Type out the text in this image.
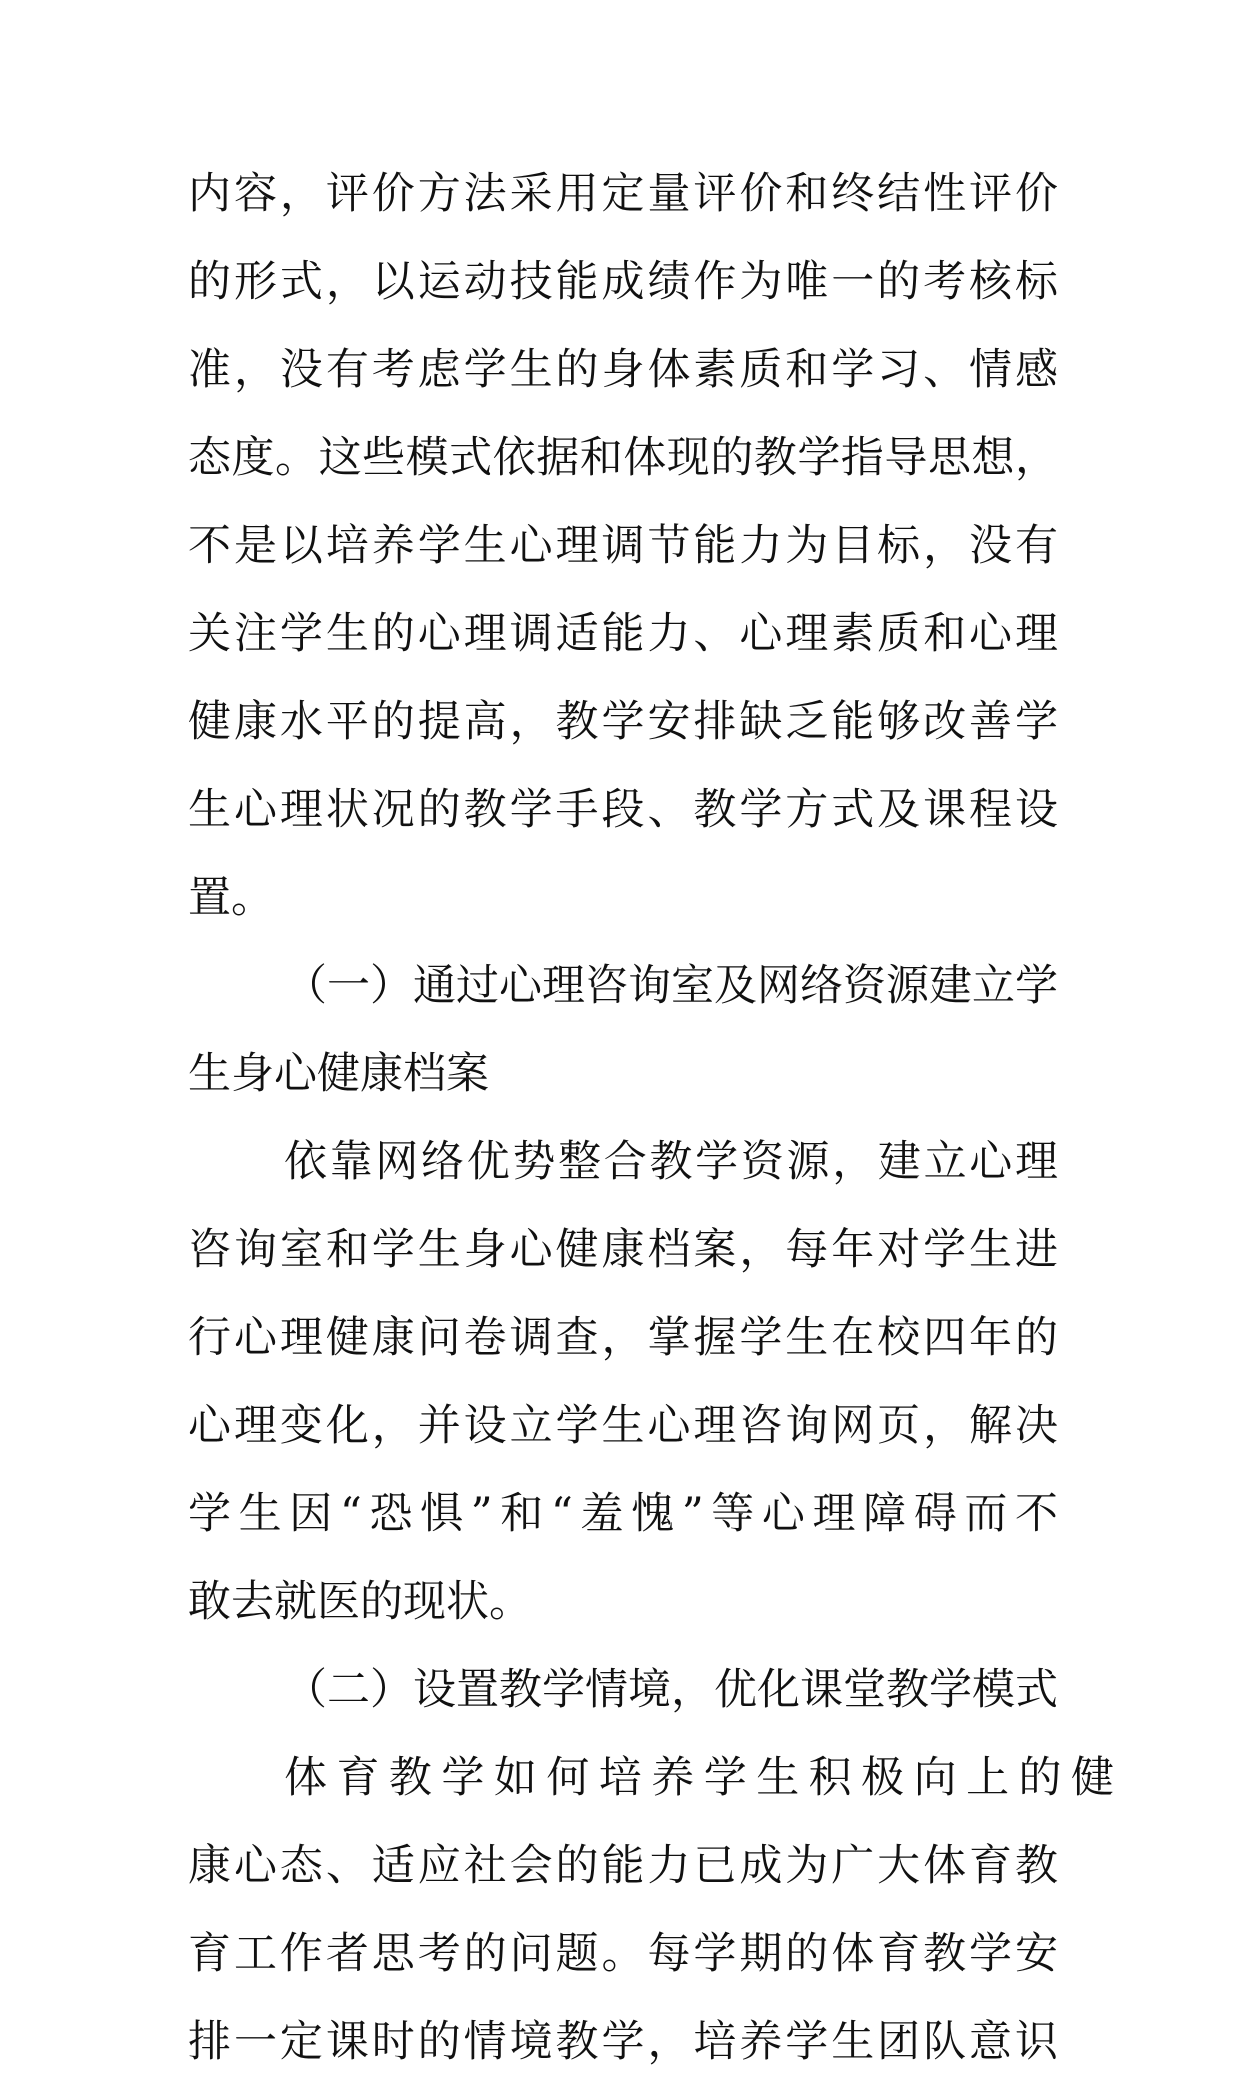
内容，评价方法采用定量评价和终结性评价
的形式，以运动技能成绩作为唯一的考核标
准，没有考虑学生的身体素质和学习、情感
态度。这些模式依据和体现的教学指导思想，
不是以培养学生心理调节能力为目标，没有
关注学生的心理调适能力、心理素质和心理
健康水平的提高，教学安排缺乏能够改善学
生心理状况的教学手段、教学方式及课程设
置。
（一）通过心理咨询室及网络资源建立学
生身心健康档案
依靠网络优势整合教学资源，建立心理
咨询室和学生身心健康档案，每年对学生进
行心理健康问卷调查，掌握学生在校四年的
心理变化，并设立学生心理咨询网页，解决
学生因“恐惧”和“羞愧”等心理障碍而不
敢去就医的现状。
（二）设置教学情境，优化课堂教学模式
体育教学如何培养学生积极向上的健
康心态、适应社会的能力已成为广大体育教
育工作者思考的问题。每学期的体育教学安
排一定课时的情境教学，培养学生团队意识
